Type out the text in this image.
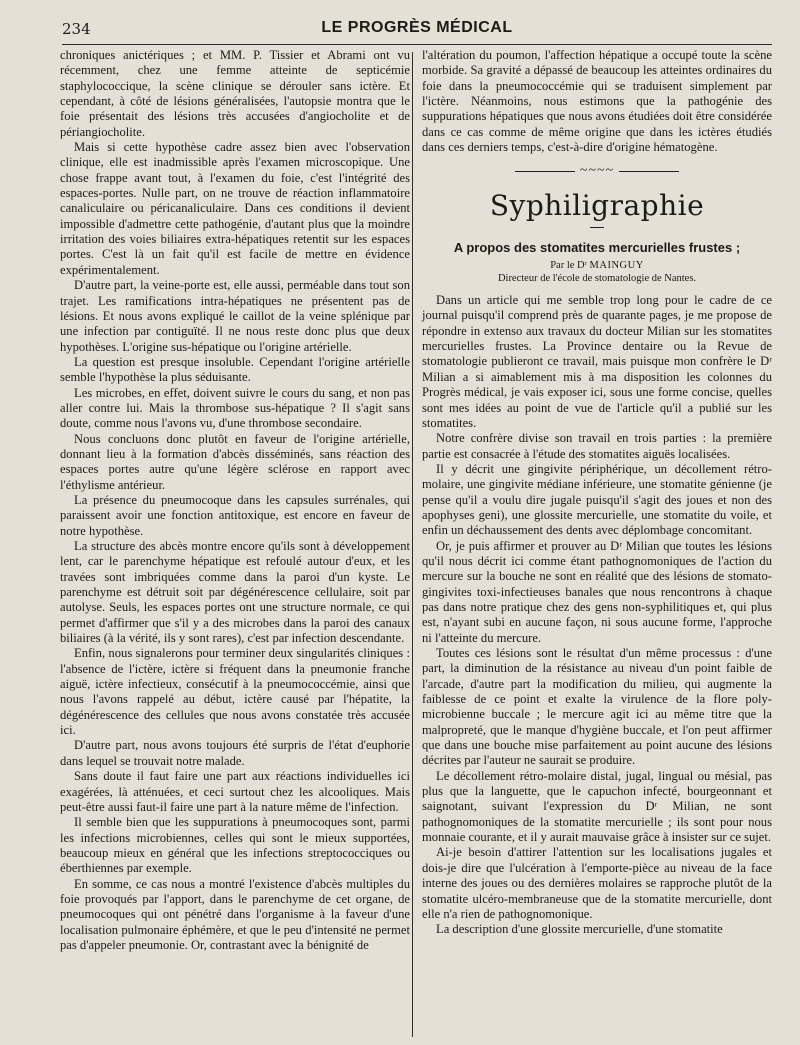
234	LE PROGRÈS MÉDICAL

chroniques anictériques ; et MM. P. Tissier et Abrami ont vu récemment, chez une femme atteinte de septicémie staphylococcique, la scène clinique se dérouler sans ictère. Et cependant, à côté de lésions généralisées, l'autopsie montra que le foie présentait des lésions très accusées d'angiocholite et de périangiocholite.

Mais si cette hypothèse cadre assez bien avec l'observation clinique, elle est inadmissible après l'examen microscopique. Une chose frappe avant tout, à l'examen du foie, c'est l'intégrité des espaces-portes. Nulle part, on ne trouve de réaction inflammatoire canaliculaire ou péricanaliculaire. Dans ces conditions il devient impossible d'admettre cette pathogénie, d'autant plus que la moindre irritation des voies biliaires extra-hépatiques retentit sur les espaces portes. C'est là un fait qu'il est facile de mettre en évidence expérimentalement.

D'autre part, la veine-porte est, elle aussi, perméable dans tout son trajet. Les ramifications intra-hépatiques ne présentent pas de lésions. Et nous avons expliqué le caillot de la veine splénique par une infection par contiguïté. Il ne nous reste donc plus que deux hypothèses. L'origine sus-hépatique ou l'origine artérielle.

La question est presque insoluble. Cependant l'origine artérielle semble l'hypothèse la plus séduisante.

Les microbes, en effet, doivent suivre le cours du sang, et non pas aller contre lui. Mais la thrombose sus-hépatique ? Il s'agit sans doute, comme nous l'avons vu, d'une thrombose secondaire.

Nous concluons donc plutôt en faveur de l'origine artérielle, donnant lieu à la formation d'abcès disséminés, sans réaction des espaces portes autre qu'une légère sclérose en rapport avec l'éthylisme antérieur.

La présence du pneumocoque dans les capsules surrénales, qui paraissent avoir une fonction antitoxique, est encore en faveur de notre hypothèse.

La structure des abcès montre encore qu'ils sont à développement lent, car le parenchyme hépatique est refoulé autour d'eux, et les travées sont imbriquées comme dans la paroi d'un kyste. Le parenchyme est détruit soit par dégénérescence cellulaire, soit par autolyse. Seuls, les espaces portes ont une structure normale, ce qui permet d'affirmer que s'il y a des microbes dans la paroi des canaux biliaires (à la vérité, ils y sont rares), c'est par infection descendante.

Enfin, nous signalerons pour terminer deux singularités cliniques : l'absence de l'ictère, ictère si fréquent dans la pneumonie franche aiguë, ictère infectieux, consécutif à la pneumococcémie, ainsi que nous l'avons rappelé au début, ictère causé par l'hépatite, la dégénérescence des cellules que nous avons constatée très accusée ici.

D'autre part, nous avons toujours été surpris de l'état d'euphorie dans lequel se trouvait notre malade.

Sans doute il faut faire une part aux réactions individuelles ici exagérées, là atténuées, et ceci surtout chez les alcooliques. Mais peut-être aussi faut-il faire une part à la nature même de l'infection.

Il semble bien que les suppurations à pneumocoques sont, parmi les infections microbiennes, celles qui sont le mieux supportées, beaucoup mieux en général que les infections streptococciques ou éberthiennes par exemple.

En somme, ce cas nous a montré l'existence d'abcès multiples du foie provoqués par l'apport, dans le parenchyme de cet organe, de pneumocoques qui ont pénétré dans l'organisme à la faveur d'une localisation pulmonaire éphémère, et que le peu d'intensité ne permet pas d'appeler pneumonie. Or, contrastant avec la bénignité de

l'altération du poumon, l'affection hépatique a occupé toute la scène morbide. Sa gravité a dépassé de beaucoup les atteintes ordinaires du foie dans la pneumococcémie qui se traduisent simplement par l'ictère. Néanmoins, nous estimons que la pathogénie des suppurations hépatiques que nous avons étudiées doit être considérée dans ce cas comme de même origine que dans les ictères étudiés dans ces derniers temps, c'est-à-dire d'origine hématogène.

~~~~
Syphiligraphie
A propos des stomatites mercurielles frustes ;
Par le Dʳ MAINGUY
Directeur de l'école de stomatologie de Nantes.

Dans un article qui me semble trop long pour le cadre de ce journal puisqu'il comprend près de quarante pages, je me propose de répondre in extenso aux travaux du docteur Milian sur les stomatites mercurielles frustes. La Province dentaire ou la Revue de stomatologie publieront ce travail, mais puisque mon confrère le Dʳ Milian a si aimablement mis à ma disposition les colonnes du Progrès médical, je vais exposer ici, sous une forme concise, quelles sont mes idées au point de vue de l'article qu'il a publié sur les stomatites.

Notre confrère divise son travail en trois parties : la première partie est consacrée à l'étude des stomatites aiguës localisées.

Il y décrit une gingivite périphérique, un décollement rétro-molaire, une gingivite médiane inférieure, une stomatite génienne (je pense qu'il a voulu dire jugale puisqu'il s'agit des joues et non des apophyses geni), une glossite mercurielle, une stomatite du voile, et enfin un déchaussement des dents avec déplombage concomitant.

Or, je puis affirmer et prouver au Dʳ Milian que toutes les lésions qu'il nous décrit ici comme étant pathognomoniques de l'action du mercure sur la bouche ne sont en réalité que des lésions de stomato-gingivites toxi-infectieuses banales que nous rencontrons à chaque pas dans notre pratique chez des gens non-syphilitiques et, qui plus est, n'ayant subi en aucune façon, ni sous aucune forme, l'approche ni l'atteinte du mercure.

Toutes ces lésions sont le résultat d'un même processus : d'une part, la diminution de la résistance au niveau d'un point faible de l'arcade, d'autre part la modification du milieu, qui augmente la faiblesse de ce point et exalte la virulence de la flore poly-microbienne buccale ; le mercure agit ici au même titre que la malpropreté, que le manque d'hygiène buccale, et l'on peut affirmer que dans une bouche mise parfaitement au point aucune des lésions décrites par l'auteur ne saurait se produire.

Le décollement rétro-molaire distal, jugal, lingual ou mésial, pas plus que la languette, que le capuchon infecté, bourgeonnant et saignotant, suivant l'expression du Dʳ Milian, ne sont pathognomoniques de la stomatite mercurielle ; ils sont pour nous monnaie courante, et il y aurait mauvaise grâce à insister sur ce sujet.

Ai-je besoin d'attirer l'attention sur les localisations jugales et dois-je dire que l'ulcération à l'emporte-pièce au niveau de la face interne des joues ou des dernières molaires se rapproche plutôt de la stomatite ulcéro-membraneuse que de la stomatite mercurielle, dont elle n'a rien de pathognomonique.

La description d'une glossite mercurielle, d'une stomatite
